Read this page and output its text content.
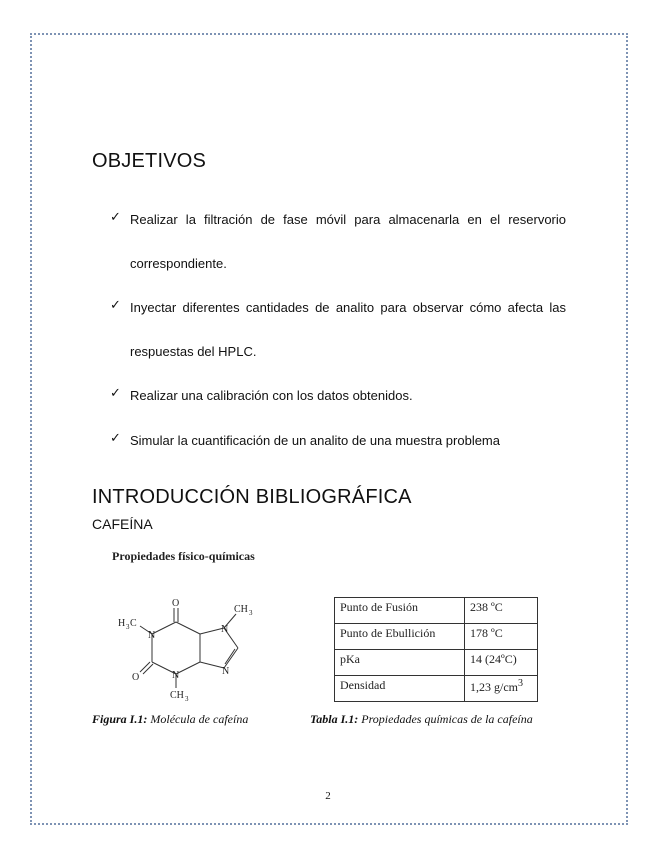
OBJETIVOS
✓ Realizar la filtración de fase móvil para almacenarla en el reservorio
correspondiente.
✓ Inyectar diferentes cantidades de analito para observar cómo afecta las
respuestas del HPLC.
✓ Realizar una calibración con los datos obtenidos.
✓ Simular la cuantificación de un analito de una muestra problema
INTRODUCCIÓN BIBLIOGRÁFICA
CAFEÍNA
Propiedades físico-químicas
O
CH 3
H 3 C
N
N
N
N
O
CH 3
Figura I.1: Molécula de cafeína
Punto de Fusión	238 ºC
Punto de Ebullición	178 ºC
pKa	14 (24ºC)
Densidad	1,23 $g/cm^3$
Tabla I.1: Propiedades químicas de la cafeína
2
